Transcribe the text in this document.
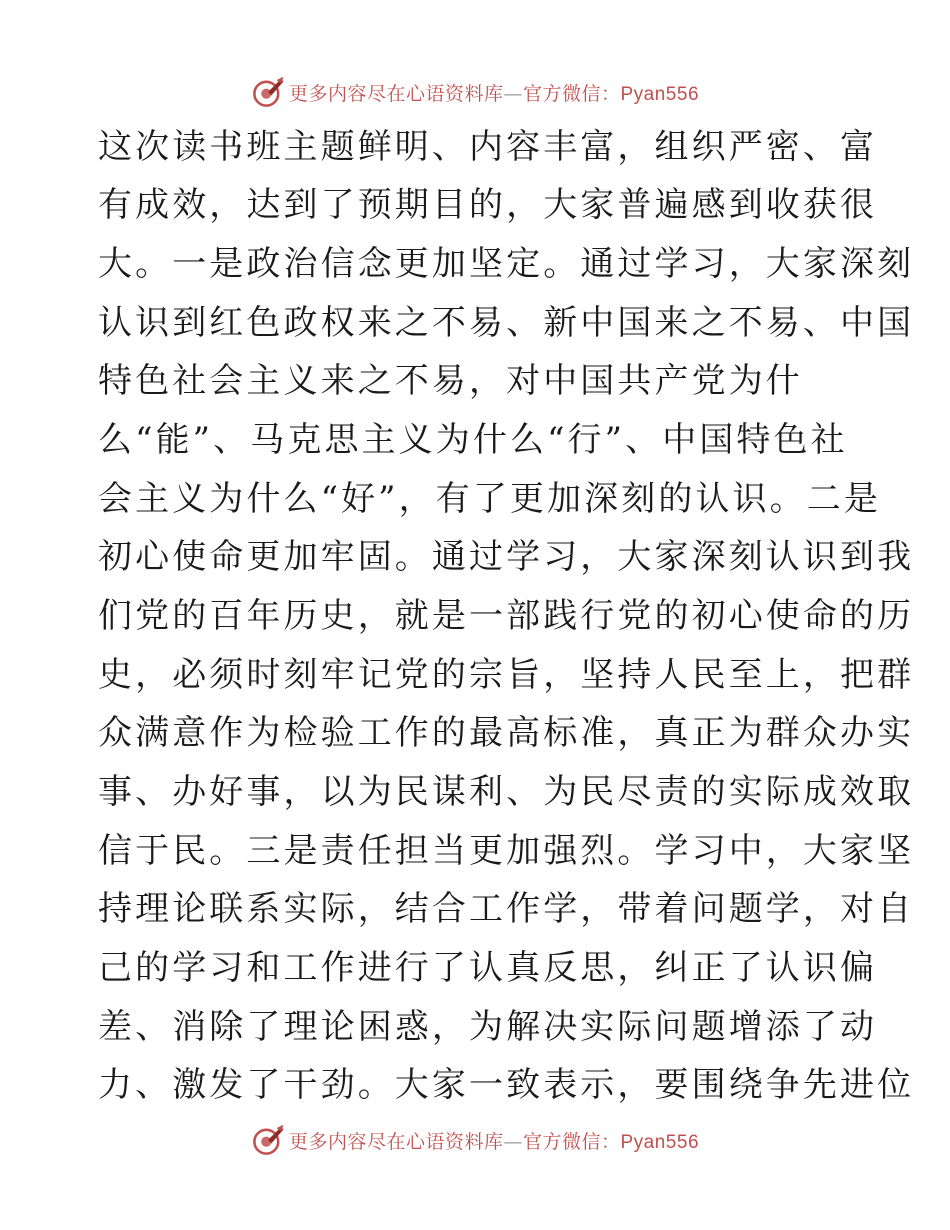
更多内容尽在心语资料库—官方微信：Pyan556
这次读书班主题鲜明、内容丰富，组织严密、富
有成效，达到了预期目的，大家普遍感到收获很
大。一是政治信念更加坚定。通过学习，大家深刻
认识到红色政权来之不易、新中国来之不易、中国
特色社会主义来之不易，对中国共产党为什
么“能”、马克思主义为什么“行”、中国特色社
会主义为什么“好”，有了更加深刻的认识。二是
初心使命更加牢固。通过学习，大家深刻认识到我
们党的百年历史，就是一部践行党的初心使命的历
史，必须时刻牢记党的宗旨，坚持人民至上，把群
众满意作为检验工作的最高标准，真正为群众办实
事、办好事，以为民谋利、为民尽责的实际成效取
信于民。三是责任担当更加强烈。学习中，大家坚
持理论联系实际，结合工作学，带着问题学，对自
己的学习和工作进行了认真反思，纠正了认识偏
差、消除了理论困惑，为解决实际问题增添了动
力、激发了干劲。大家一致表示，要围绕争先进位
更多内容尽在心语资料库—官方微信：Pyan556
